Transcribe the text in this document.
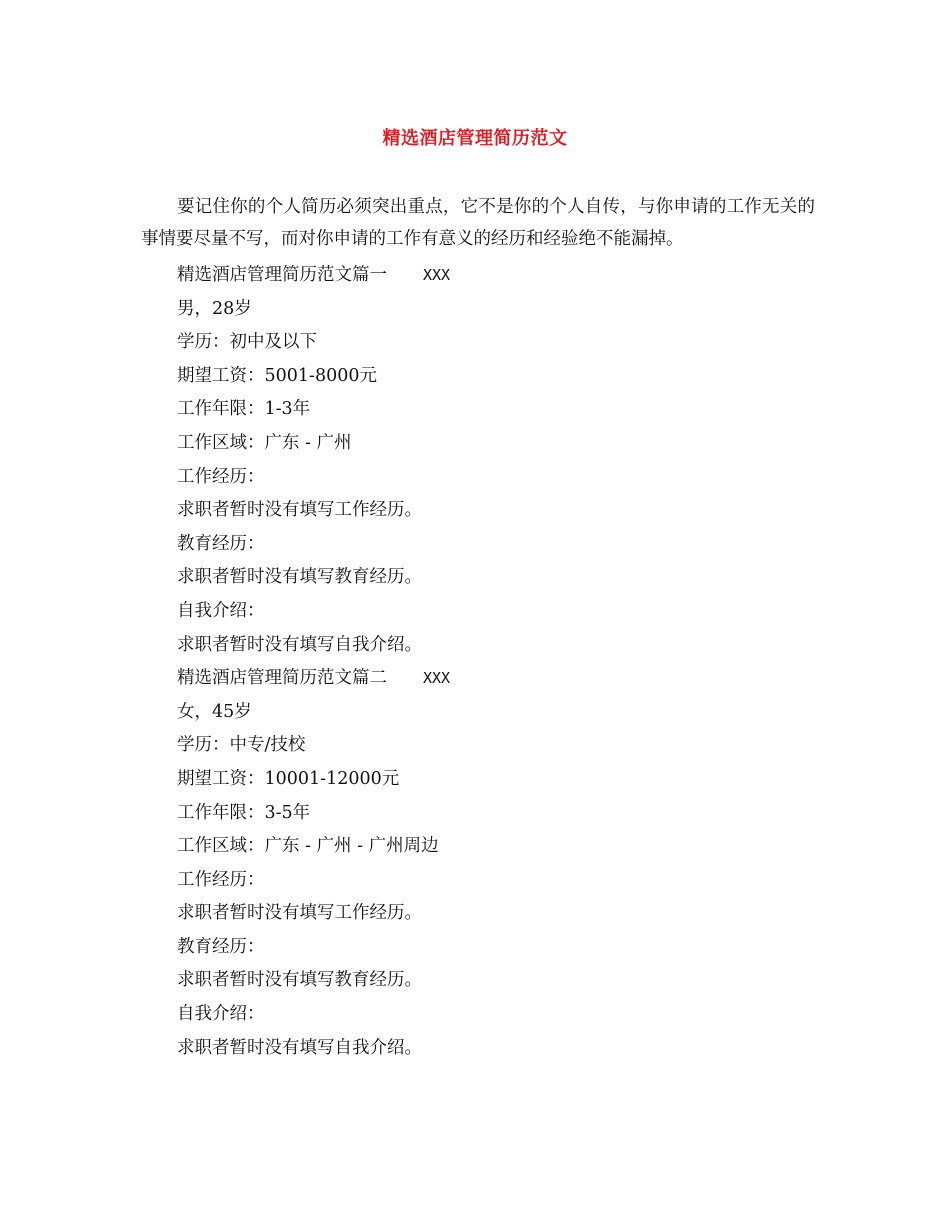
精选酒店管理简历范文

要记住你的个人简历必须突出重点，它不是你的个人自传，与你申请的工作无关的事情要尽量不写，而对你申请的工作有意义的经历和经验绝不能漏掉。

精选酒店管理简历范文篇一 XXX
男，28岁
学历：初中及以下
期望工资：5001-8000元
工作年限：1-3年
工作区域：广东 - 广州
工作经历：
求职者暂时没有填写工作经历。
教育经历：
求职者暂时没有填写教育经历。
自我介绍：
求职者暂时没有填写自我介绍。
精选酒店管理简历范文篇二 XXX
女，45岁
学历：中专/技校
期望工资：10001-12000元
工作年限：3-5年
工作区域：广东 - 广州 - 广州周边
工作经历：
求职者暂时没有填写工作经历。
教育经历：
求职者暂时没有填写教育经历。
自我介绍：
求职者暂时没有填写自我介绍。
